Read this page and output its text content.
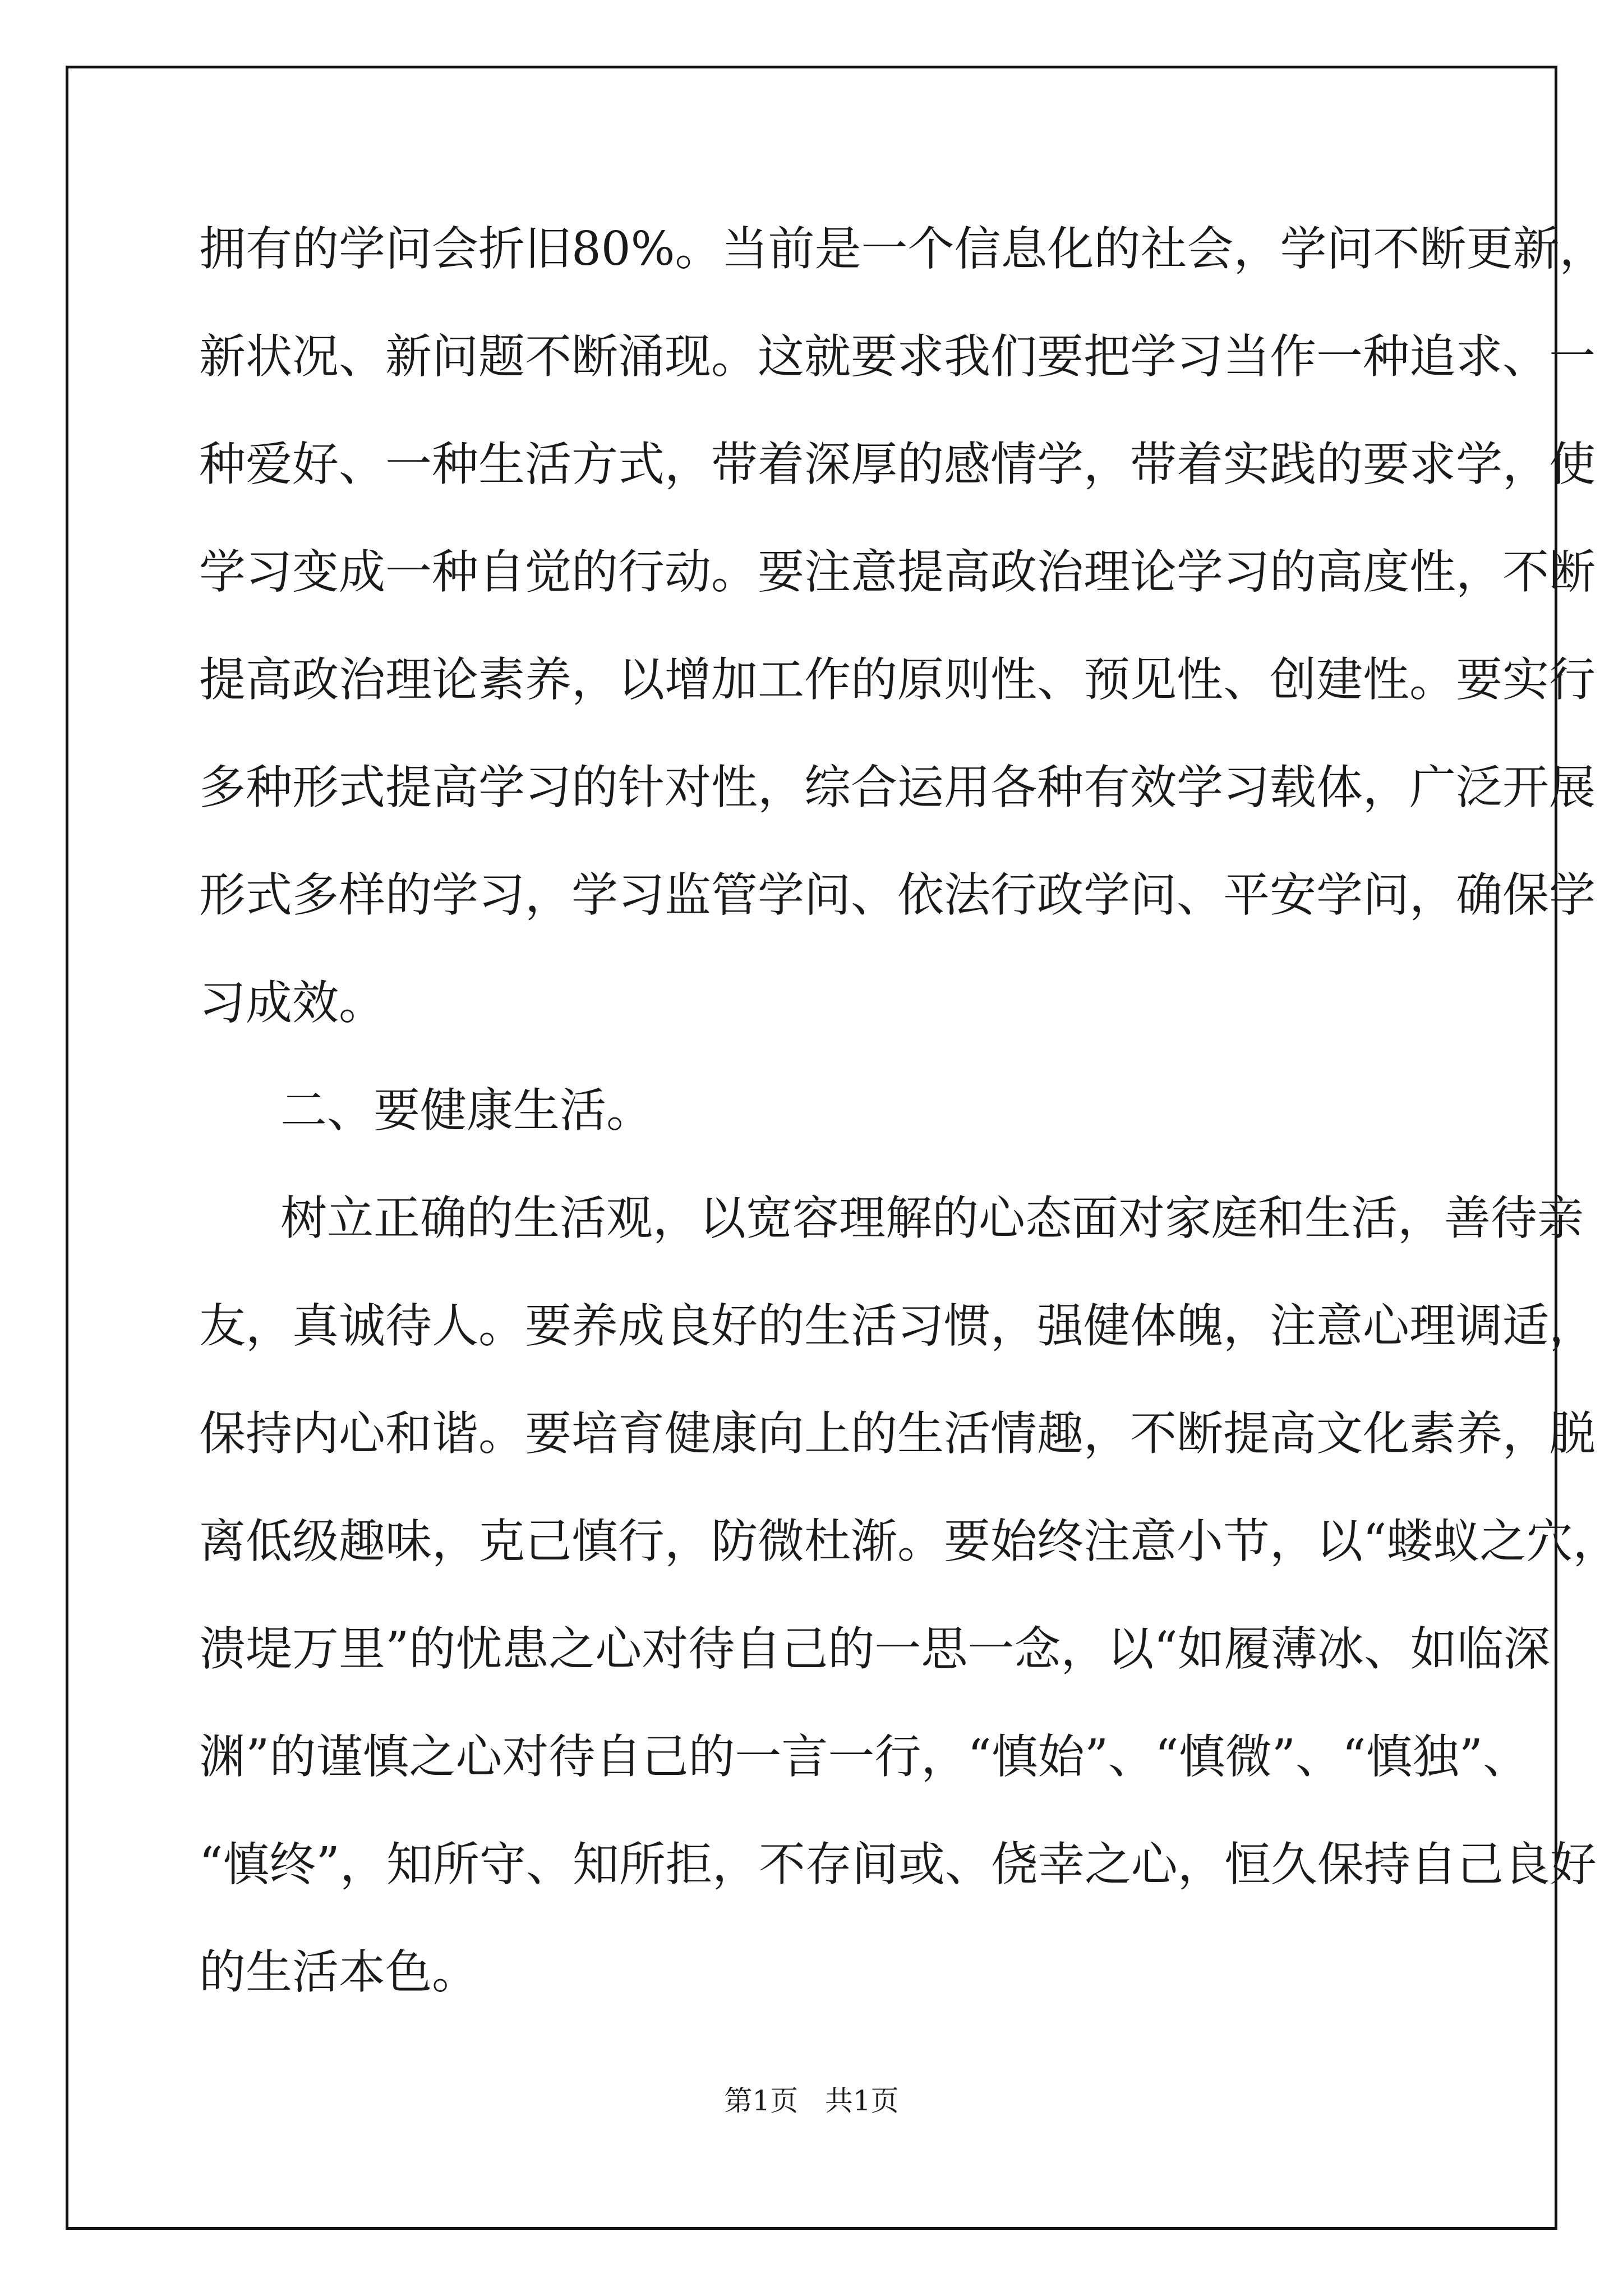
拥有的学问会折旧80%。当前是一个信息化的社会，学问不断更新，
新状况、新问题不断涌现。这就要求我们要把学习当作一种追求、一
种爱好、一种生活方式，带着深厚的感情学，带着实践的要求学，使
学习变成一种自觉的行动。要注意提高政治理论学习的高度性，不断
提高政治理论素养，以增加工作的原则性、预见性、创建性。要实行
多种形式提高学习的针对性，综合运用各种有效学习载体，广泛开展
形式多样的学习，学习监管学问、依法行政学问、平安学问，确保学
习成效。
二、要健康生活。
树立正确的生活观，以宽容理解的心态面对家庭和生活，善待亲
友，真诚待人。要养成良好的生活习惯，强健体魄，注意心理调适，
保持内心和谐。要培育健康向上的生活情趣，不断提高文化素养，脱
离低级趣味，克己慎行，防微杜渐。要始终注意小节，以“蝼蚁之穴，
溃堤万里”的忧患之心对待自己的一思一念，以“如履薄冰、如临深
渊”的谨慎之心对待自己的一言一行，“慎始”、“慎微”、“慎独”、
“慎终”，知所守、知所拒，不存间或、侥幸之心，恒久保持自己良好
的生活本色。
第1页   共1页
